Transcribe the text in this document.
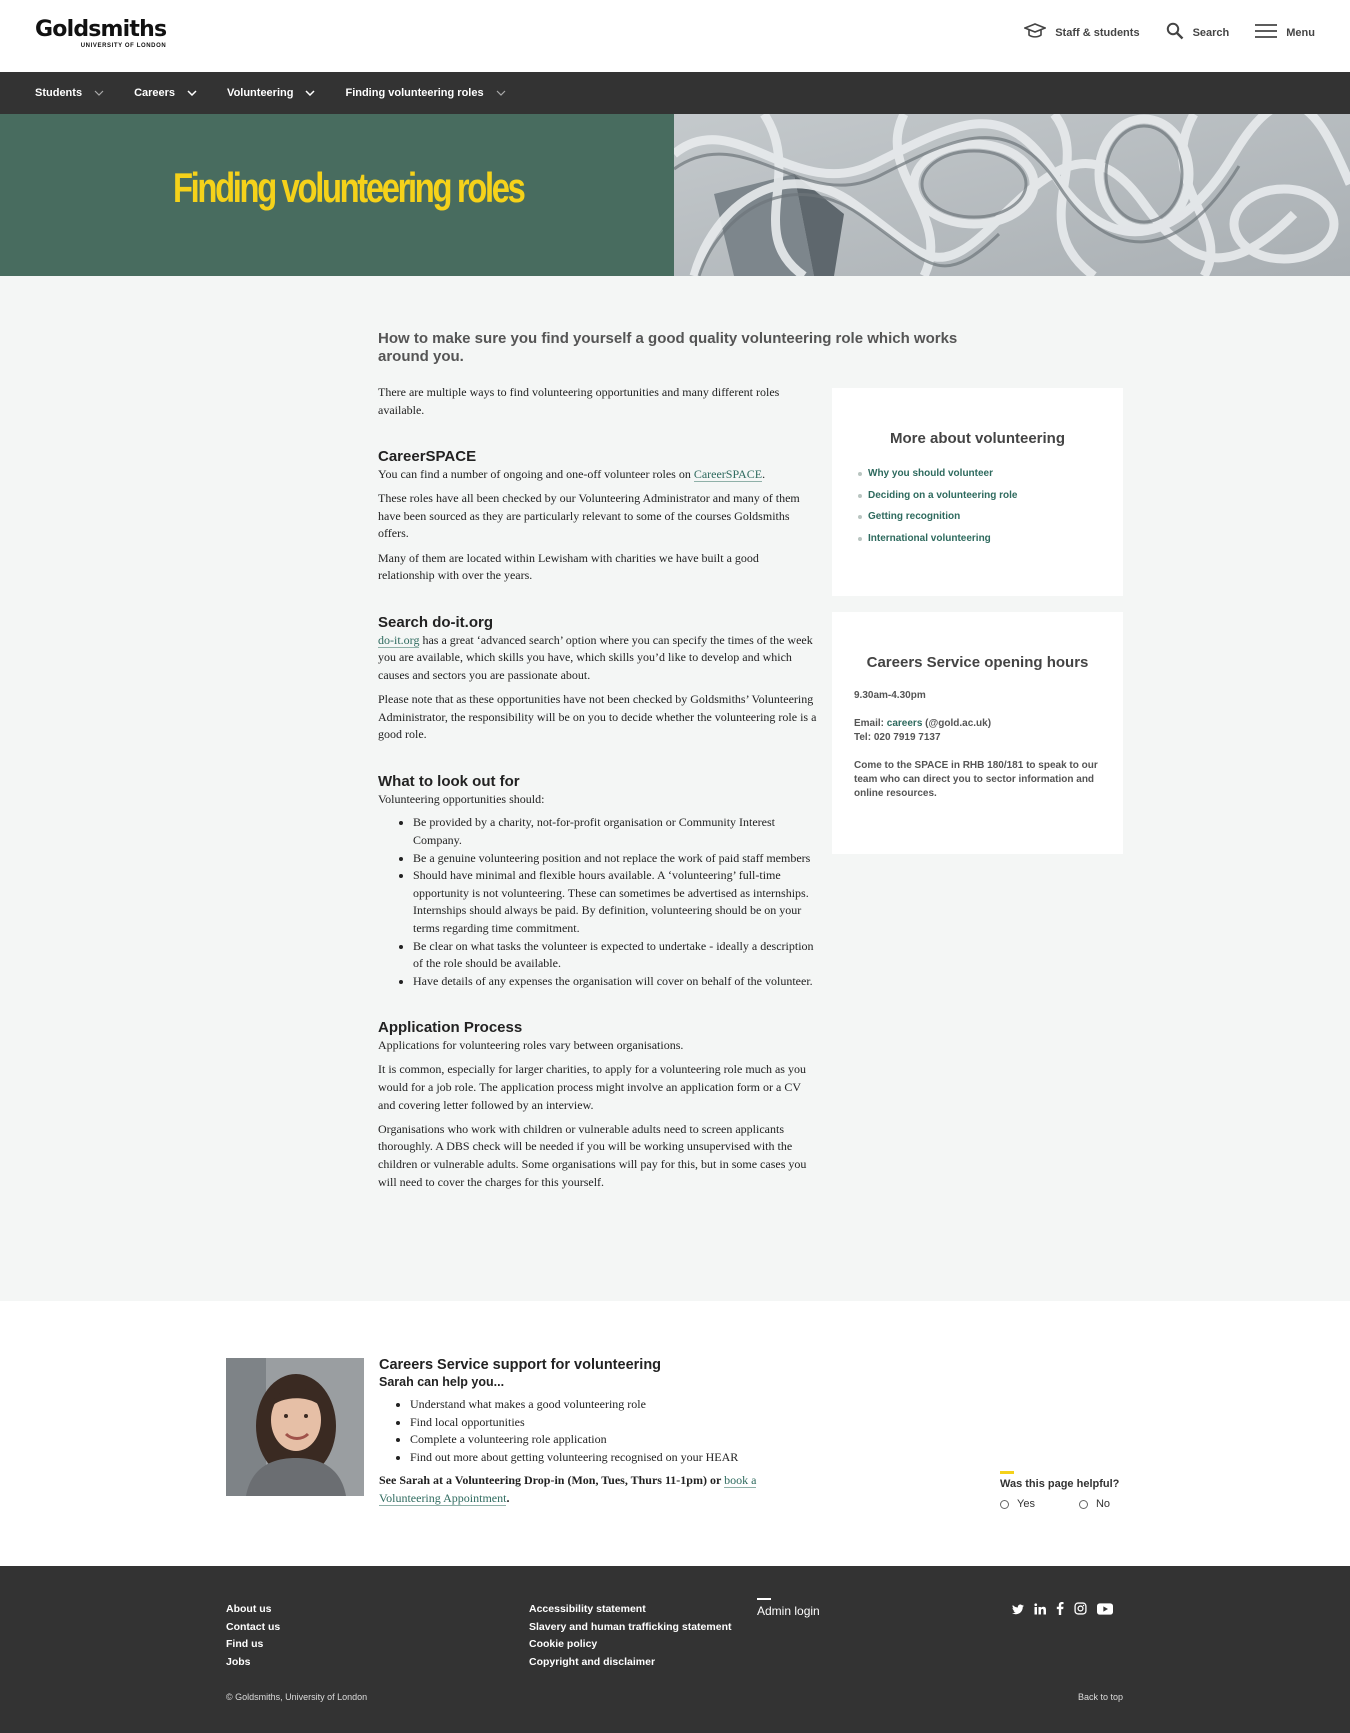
Goldsmiths
UNIVERSITY OF LONDON
Staff & students	Search	Menu
Students	Careers	Volunteering	Finding volunteering roles
Finding volunteering roles

How to make sure you find yourself a good quality volunteering role which works around you.

There are multiple ways to find volunteering opportunities and many different roles available.

CareerSPACE

You can find a number of ongoing and one-off volunteer roles on CareerSPACE.

These roles have all been checked by our Volunteering Administrator and many of them have been sourced as they are particularly relevant to some of the courses Goldsmiths offers.

Many of them are located within Lewisham with charities we have built a good relationship with over the years.

Search do-it.org

do-it.org has a great ‘advanced search’ option where you can specify the times of the week you are available, which skills you have, which skills you’d like to develop and which causes and sectors you are passionate about.

Please note that as these opportunities have not been checked by Goldsmiths’ Volunteering Administrator, the responsibility will be on you to decide whether the volunteering role is a good role.

What to look out for

Volunteering opportunities should:

• Be provided by a charity, not-for-profit organisation or Community Interest Company.
• Be a genuine volunteering position and not replace the work of paid staff members
• Should have minimal and flexible hours available. A ‘volunteering’ full-time opportunity is not volunteering. These can sometimes be advertised as internships. Internships should always be paid. By definition, volunteering should be on your terms regarding time commitment.
• Be clear on what tasks the volunteer is expected to undertake - ideally a description of the role should be available.
• Have details of any expenses the organisation will cover on behalf of the volunteer.
Application Process

Applications for volunteering roles vary between organisations.

It is common, especially for larger charities, to apply for a volunteering role much as you would for a job role. The application process might involve an application form or a CV and covering letter followed by an interview.

Organisations who work with children or vulnerable adults need to screen applicants thoroughly. A DBS check will be needed if you will be working unsupervised with the children or vulnerable adults. Some organisations will pay for this, but in some cases you will need to cover the charges for this yourself.

More about volunteering
Why you should volunteer
Deciding on a volunteering role
Getting recognition
International volunteering
Careers Service opening hours
9.30am-4.30pm
Email: careers (@gold.ac.uk)
Tel: 020 7919 7137
Come to the SPACE in RHB 180/181 to speak to our team who can direct you to sector information and online resources.
Careers Service support for volunteering
Sarah can help you...
• Understand what makes a good volunteering role
• Find local opportunities
• Complete a volunteering role application
• Find out more about getting volunteering recognised on your HEAR

See Sarah at a Volunteering Drop-in (Mon, Tues, Thurs 11-1pm) or book a Volunteering Appointment.

Was this page helpful?
Yes	No
About us
Contact us
Find us
Jobs
Accessibility statement
Slavery and human trafficking statement
Cookie policy
Copyright and disclaimer
Admin login
© Goldsmiths, University of London	Back to top
